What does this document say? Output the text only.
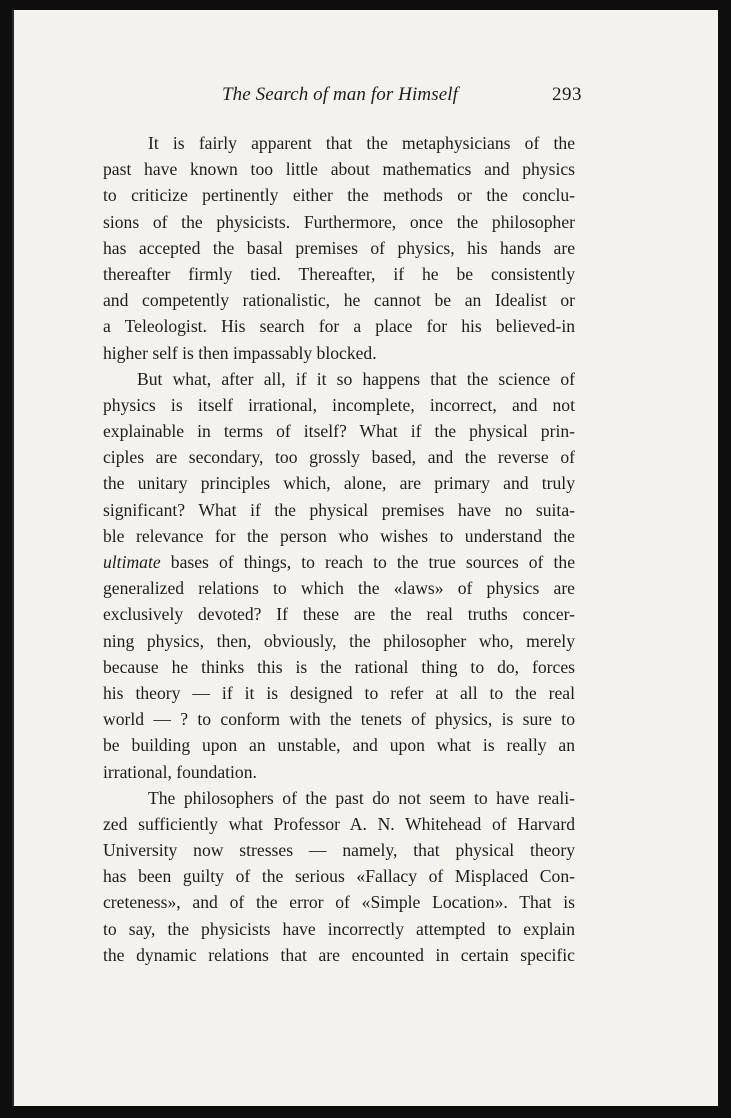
The Search of man for Himself	293
It is fairly apparent that the metaphysicians of the
past have known too little about mathematics and physics
to criticize pertinently either the methods or the conclu-
sions of the physicists. Furthermore, once the philosopher
has accepted the basal premises of physics, his hands are
thereafter firmly tied. Thereafter, if he be consistently
and competently rationalistic, he cannot be an Idealist or
a Teleologist. His search for a place for his believed-in
higher self is then impassably blocked.
But what, after all, if it so happens that the science of
physics is itself irrational, incomplete, incorrect, and not
explainable in terms of itself? What if the physical prin-
ciples are secondary, too grossly based, and the reverse of
the unitary principles which, alone, are primary and truly
significant? What if the physical premises have no suita-
ble relevance for the person who wishes to understand the
ultimate bases of things, to reach to the true sources of the
generalized relations to which the «laws» of physics are
exclusively devoted? If these are the real truths concer-
ning physics, then, obviously, the philosopher who, merely
because he thinks this is the rational thing to do, forces
his theory — if it is designed to refer at all to the real
world — ? to conform with the tenets of physics, is sure to
be building upon an unstable, and upon what is really an
irrational, foundation.
The philosophers of the past do not seem to have reali-
zed sufficiently what Professor A. N. Whitehead of Harvard
University now stresses — namely, that physical theory
has been guilty of the serious «Fallacy of Misplaced Con-
creteness», and of the error of «Simple Location». That is
to say, the physicists have incorrectly attempted to explain
the dynamic relations that are encounted in certain specific
